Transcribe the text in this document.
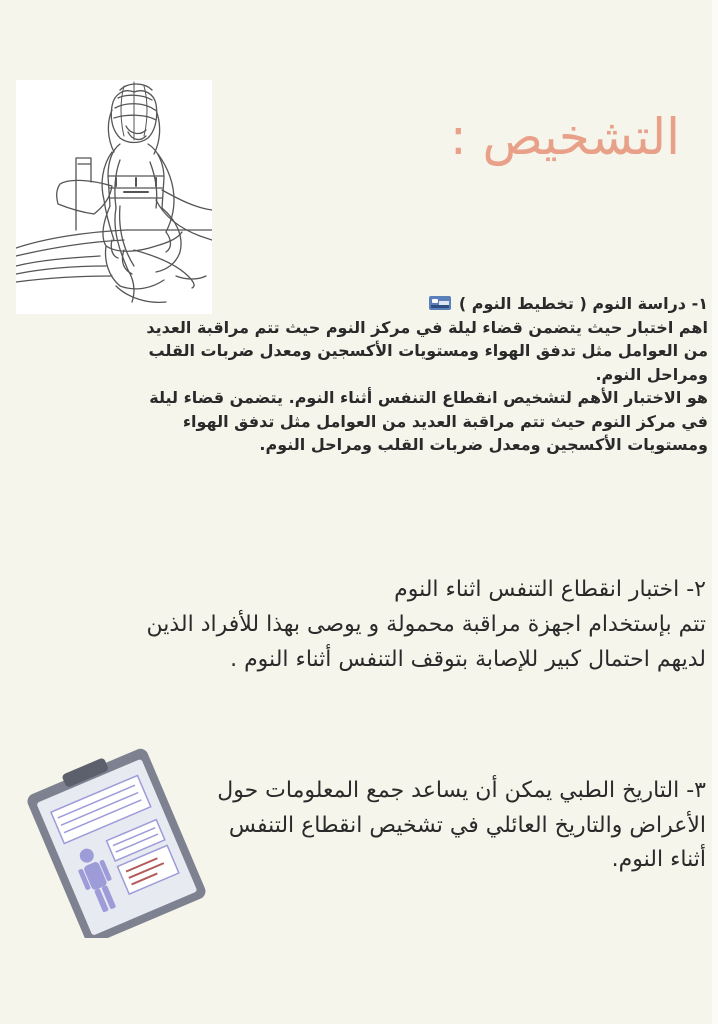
التشخيص :

١- دراسة النوم ( تخطيط النوم )

اهم اختبار حيث يتضمن قضاء ليلة في مركز النوم حيث تتم مراقبة العديد من العوامل مثل تدفق الهواء ومستويات الأكسجين ومعدل ضربات القلب ومراحل النوم.

هو الاختبار الأهم لتشخيص انقطاع التنفس أثناء النوم. يتضمن قضاء ليلة في مركز النوم حيث تتم مراقبة العديد من العوامل مثل تدفق الهواء ومستويات الأكسجين ومعدل ضربات القلب ومراحل النوم.

٢- اختبار انقطاع التنفس اثناء النوم

تتم بإستخدام اجهزة مراقبة محمولة و يوصى بهذا للأفراد الذين لديهم احتمال كبير للإصابة بتوقف التنفس أثناء النوم .

٣- التاريخ الطبي يمكن أن يساعد جمع المعلومات حول الأعراض والتاريخ العائلي في تشخيص انقطاع التنفس أثناء النوم.
